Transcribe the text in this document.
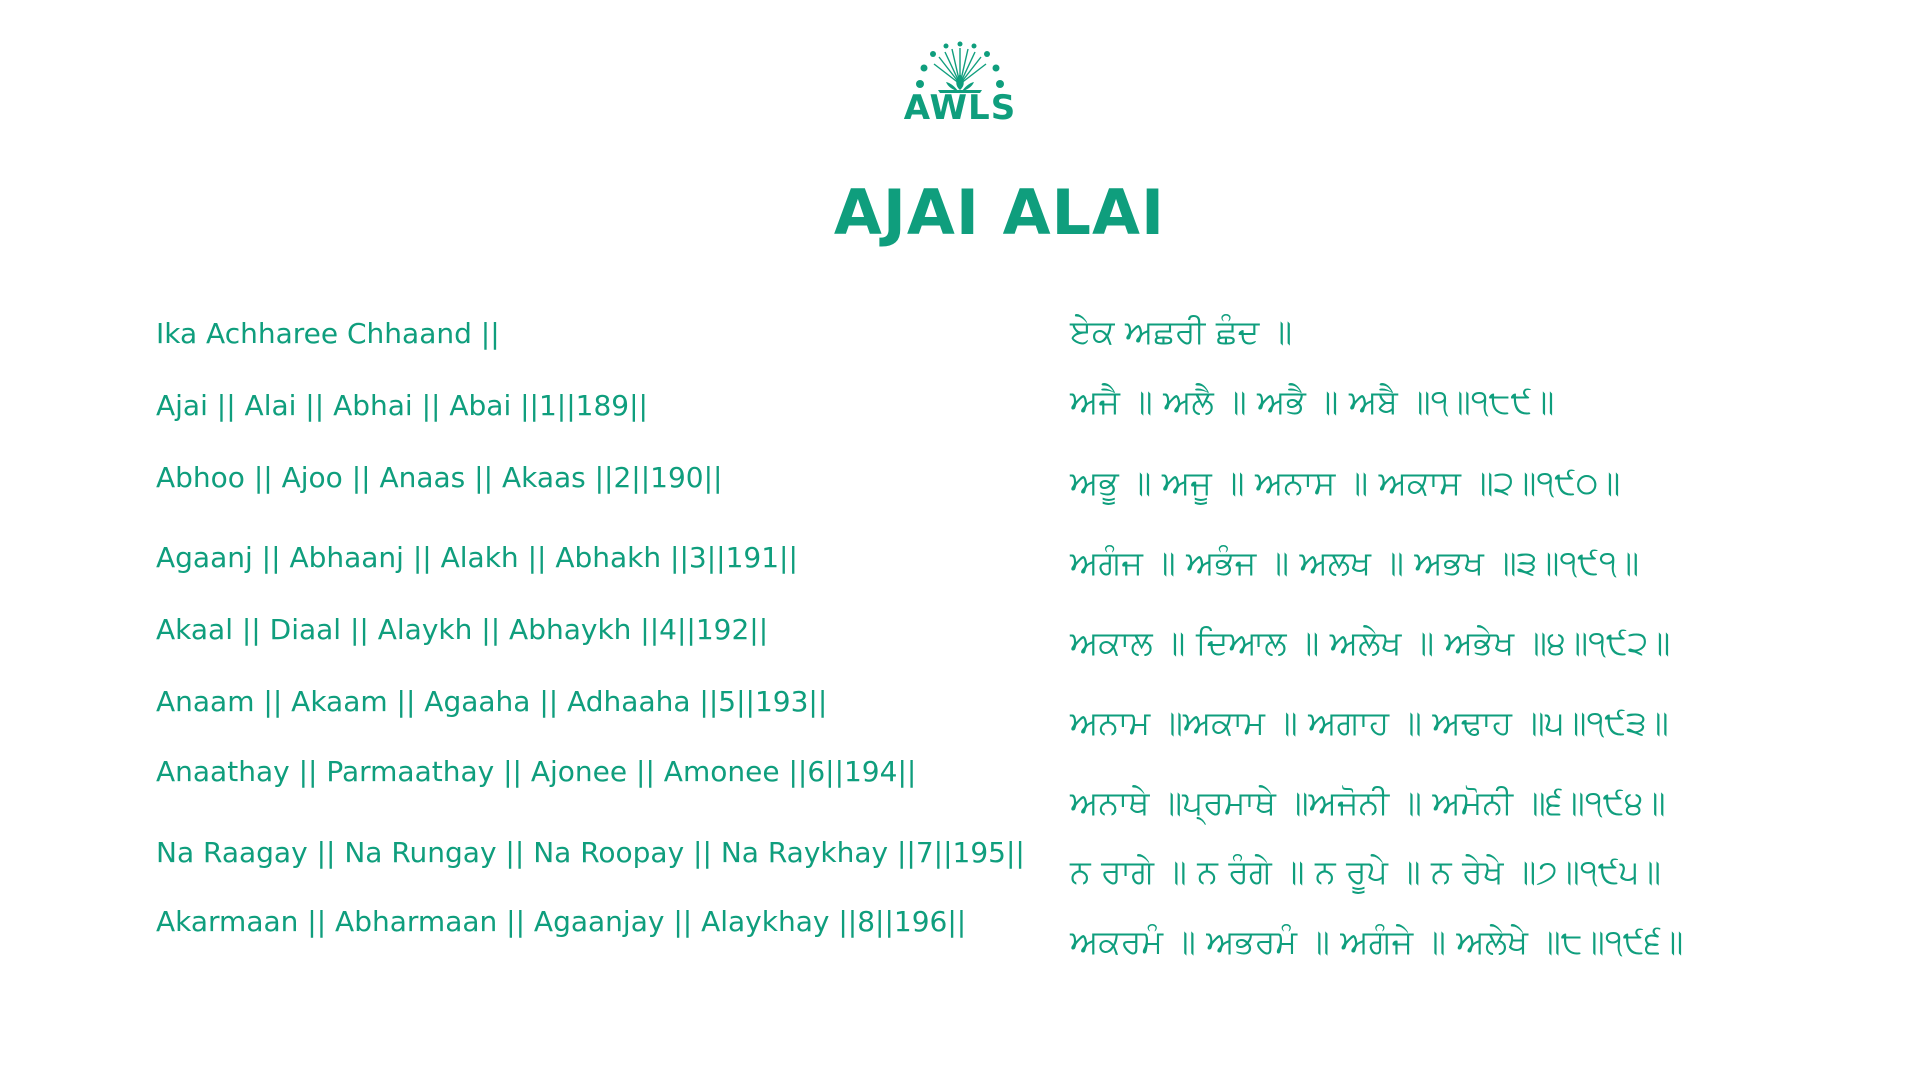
AWLS
AJAI ALAI
Ika Achharee Chhaand ||
Ajai || Alai || Abhai || Abai ||1||189||
Abhoo || Ajoo || Anaas || Akaas ||2||190||
Agaanj || Abhaanj || Alakh || Abhakh ||3||191||
Akaal || Diaal || Alaykh || Abhaykh ||4||192||
Anaam || Akaam || Agaaha || Adhaaha ||5||193||
Anaathay || Parmaathay || Ajonee || Amonee ||6||194||
Na Raagay || Na Rungay || Na Roopay || Na Raykhay ||7||195||
Akarmaan || Abharmaan || Agaanjay || Alaykhay ||8||196||
ਏਕ ਅਛਰੀ ਛੰਦ ॥
ਅਜੈ ॥ ਅਲੈ ॥ ਅਭੈ ॥ ਅਬੈ ॥੧॥੧੮੯॥
ਅਭੂ ॥ ਅਜੂ ॥ ਅਨਾਸ ॥ ਅਕਾਸ ॥੨॥੧੯੦॥
ਅਗੰਜ ॥ ਅਭੰਜ ॥ ਅਲਖ ॥ ਅਭਖ ॥੩॥੧੯੧॥
ਅਕਾਲ ॥ ਦਿਆਲ ॥ ਅਲੇਖ ॥ ਅਭੇਖ ॥੪॥੧੯੨॥
ਅਨਾਮ ॥ਅਕਾਮ ॥ ਅਗਾਹ ॥ ਅਢਾਹ ॥੫॥੧੯੩॥
ਅਨਾਥੇ ॥ਪ੍ਰਮਾਥੇ ॥ਅਜੋਨੀ ॥ ਅਮੋਨੀ ॥੬॥੧੯੪॥
ਨ ਰਾਗੇ ॥ ਨ ਰੰਗੇ ॥ ਨ ਰੂਪੇ ॥ ਨ ਰੇਖੇ ॥੭॥੧੯੫॥
ਅਕਰਮੰ ॥ ਅਭਰਮੰ ॥ ਅਗੰਜੇ ॥ ਅਲੇਖੇ ॥੮॥੧੯੬॥
